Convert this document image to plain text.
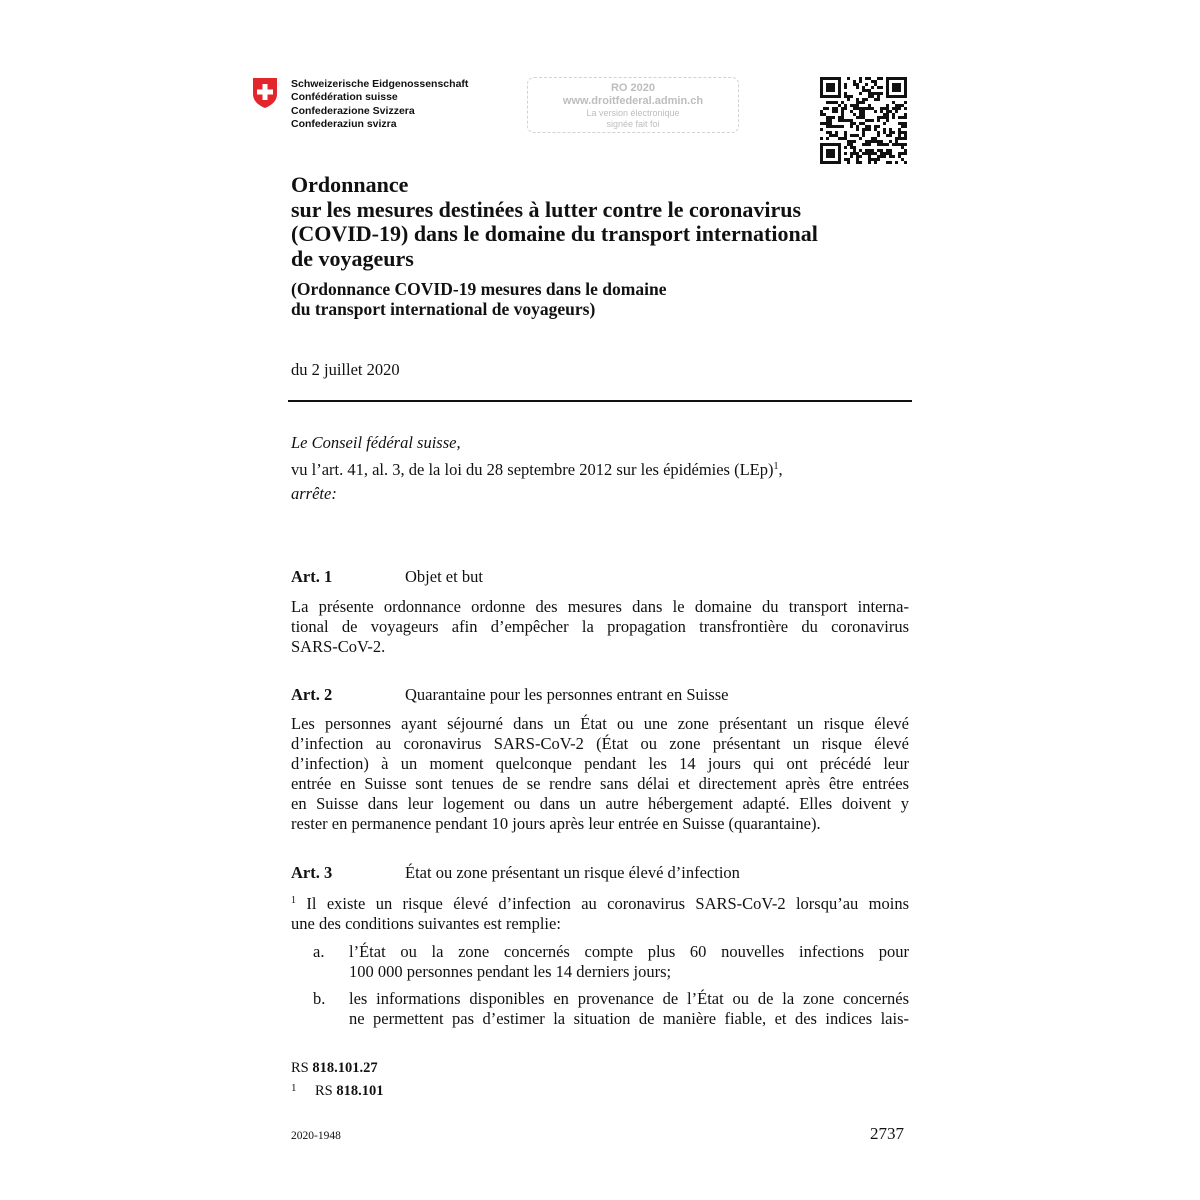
Schweizerische Eidgenossenschaft
Confédération suisse
Confederazione Svizzera
Confederaziun svizra
RO 2020
www.droitfederal.admin.ch
La version électronique
signée fait foi
Ordonnance
sur les mesures destinées à lutter contre le coronavirus
(COVID-19) dans le domaine du transport international
de voyageurs
(Ordonnance COVID-19 mesures dans le domaine
du transport international de voyageurs)
du 2 juillet 2020
Le Conseil fédéral suisse,
vu l’art. 41, al. 3, de la loi du 28 septembre 2012 sur les épidémies (LEp)$^1$,
arrête:
Art. 1	Objet et but
La présente ordonnance ordonne des mesures dans le domaine du transport interna-
tional de voyageurs afin d’empêcher la propagation transfrontière du coronavirus
SARS-CoV-2.
Art. 2	Quarantaine pour les personnes entrant en Suisse
Les personnes ayant séjourné dans un État ou une zone présentant un risque élevé
d’infection au coronavirus SARS-CoV-2 (État ou zone présentant un risque élevé
d’infection) à un moment quelconque pendant les 14 jours qui ont précédé leur
entrée en Suisse sont tenues de se rendre sans délai et directement après être entrées
en Suisse dans leur logement ou dans un autre hébergement adapté. Elles doivent y
rester en permanence pendant 10 jours après leur entrée en Suisse (quarantaine).
Art. 3	État ou zone présentant un risque élevé d’infection
$^1$ Il existe un risque élevé d’infection au coronavirus SARS-CoV-2 lorsqu’au moins
une des conditions suivantes est remplie:
a. l’État ou la zone concernés compte plus 60 nouvelles infections pour
100 000 personnes pendant les 14 derniers jours;
b. les informations disponibles en provenance de l’État ou de la zone concernés
ne permettent pas d’estimer la situation de manière fiable, et des indices lais-
RS 818.101.27
1 RS 818.101
2020-1948	2737
